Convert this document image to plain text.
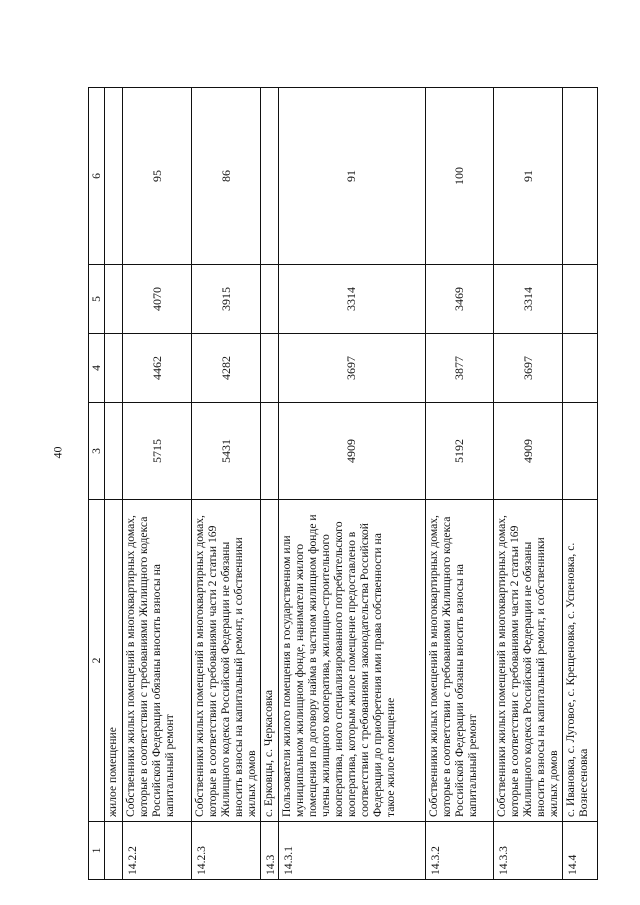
40
1	2	3	4	5	6
	жилое помещение				
14.2.2	Собственники жилых помещений в многоквартирных домах, которые в соответствии с требованиями Жилищного кодекса Российской Федерации обязаны вносить взносы на капитальный ремонт	5715	4462	4070	95
14.2.3	Собственники жилых помещений в многоквартирных домах, которые в соответствии с требованиями части 2 статьи 169 Жилищного кодекса Российской Федерации не обязаны вносить взносы на капитальный ремонт, и собственники жилых домов	5431	4282	3915	86
14.3	с. Ерковцы, с. Черкасовка				
14.3.1	Пользователи жилого помещения в государственном или муниципальном жилищном фонде, наниматели жилого помещения по договору найма в частном жилищном фонде и члены жилищного кооператива, жилищно-строительного кооператива, иного специализированного потребительского кооператива, которым жилое помещение предоставлено в соответствии с требованиями законодательства Российской Федерации до приобретения ими права собственности на такое жилое помещение	4909	3697	3314	91
14.3.2	Собственники жилых помещений в многоквартирных домах, которые в соответствии с требованиями Жилищного кодекса Российской Федерации обязаны вносить взносы на капитальный ремонт	5192	3877	3469	100
14.3.3	Собственники жилых помещений в многоквартирных домах, которые в соответствии с требованиями части 2 статьи 169 Жилищного кодекса Российской Федерации не обязаны вносить взносы на капитальный ремонт, и собственники жилых домов	4909	3697	3314	91
14.4	с. Ивановка, с. Луговое, с. Крещеновка, с. Успеновка, с. Вознесеновка				
